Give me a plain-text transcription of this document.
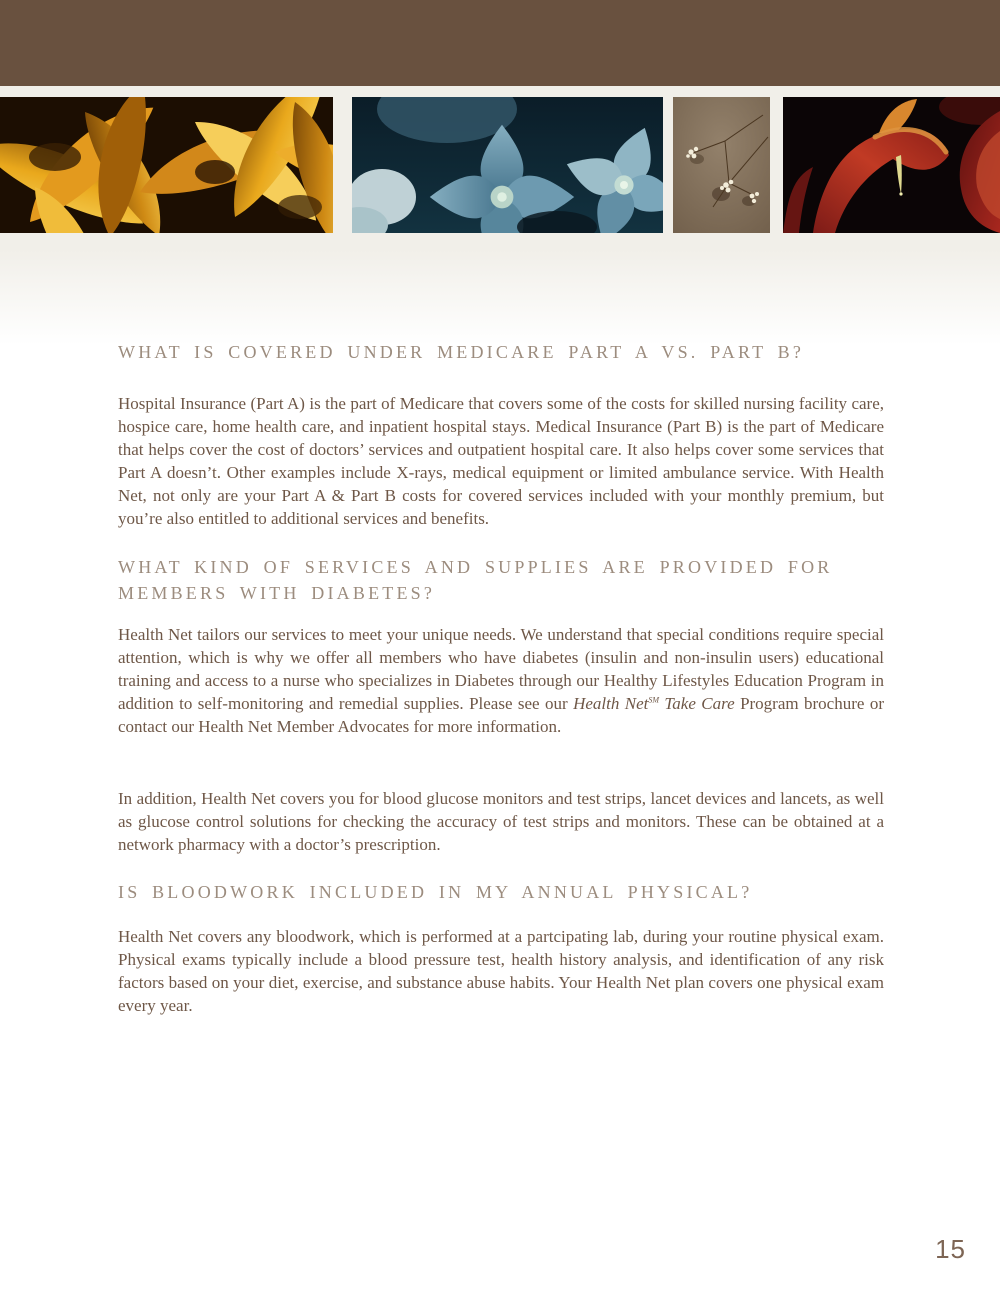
WHAT IS COVERED UNDER MEDICARE PART A VS. PART B?

Hospital Insurance (Part A) is the part of Medicare that covers some of the costs for skilled nursing facility care, hospice care, home health care, and inpatient hospital stays. Medical Insurance (Part B) is the part of Medicare that helps cover the cost of doctors’ services and outpatient hospital care. It also helps cover some services that Part A doesn’t. Other examples include X-rays, medical equipment or limited ambulance service. With Health Net, not only are your Part A & Part B costs for covered services included with your monthly premium, but you’re also entitled to additional services and benefits.

WHAT KIND OF SERVICES AND SUPPLIES ARE PROVIDED FOR
MEMBERS WITH DIABETES?

Health Net tailors our services to meet your unique needs. We understand that special conditions require special attention, which is why we offer all members who have diabetes (insulin and non-insulin users) educational training and access to a nurse who specializes in Diabetes through our Healthy Lifestyles Education Program in addition to self-monitoring and remedial supplies. Please see our Health Net℠ Take Care Program brochure or contact our Health Net Member Advocates for more information.

In addition, Health Net covers you for blood glucose monitors and test strips, lancet devices and lancets, as well as glucose control solutions for checking the accuracy of test strips and monitors. These can be obtained at a network pharmacy with a doctor’s prescription.

IS BLOODWORK INCLUDED IN MY ANNUAL PHYSICAL?

Health Net covers any bloodwork, which is performed at a partcipating lab, during your routine physical exam. Physical exams typically include a blood pressure test, health history analysis, and identification of any risk factors based on your diet, exercise, and substance abuse habits. Your Health Net plan covers one physical exam every year.

15
